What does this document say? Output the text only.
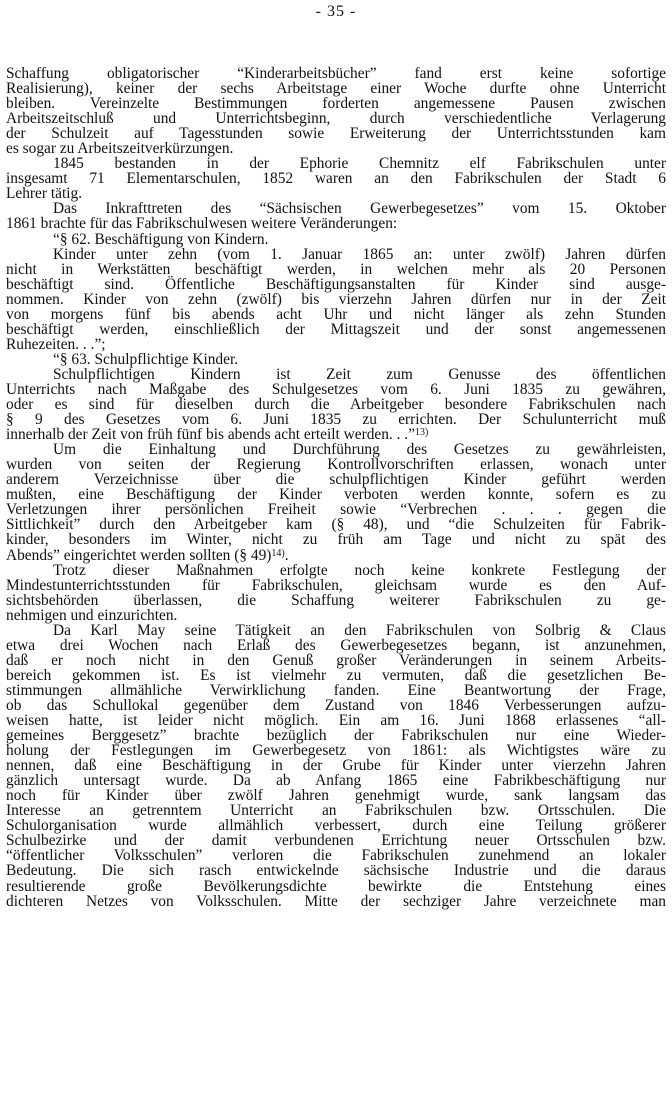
- 35 -

Schaffung obligatorischer “Kinderarbeitsbücher” fand erst keine sofortige

Realisierung), keiner der sechs Arbeitstage einer Woche durfte ohne Unterricht

bleiben. Vereinzelte Bestimmungen forderten angemessene Pausen zwischen

Arbeitszeitschluß und Unterrichtsbeginn, durch verschiedentliche Verlagerung

der Schulzeit auf Tagesstunden sowie Erweiterung der Unterrichtsstunden kam

es sogar zu Arbeitszeitverkürzungen.

1845 bestanden in der Ephorie Chemnitz elf Fabrikschulen unter

insgesamt 71 Elementarschulen, 1852 waren an den Fabrikschulen der Stadt 6

Lehrer tätig.

Das Inkrafttreten des “Sächsischen Gewerbegesetzes” vom 15. Oktober

1861 brachte für das Fabrikschulwesen weitere Veränderungen:

“§ 62. Beschäftigung von Kindern.

Kinder unter zehn (vom 1. Januar 1865 an: unter zwölf) Jahren dürfen

nicht in Werkstätten beschäftigt werden, in welchen mehr als 20 Personen

beschäftigt sind. Öffentliche Beschäftigungsanstalten für Kinder sind ausge-

nommen. Kinder von zehn (zwölf) bis vierzehn Jahren dürfen nur in der Zeit

von morgens fünf bis abends acht Uhr und nicht länger als zehn Stunden

beschäftigt werden, einschließlich der Mittagszeit und der sonst angemessenen

Ruhezeiten. . .”;

“§ 63. Schulpflichtige Kinder.

Schulpflichtigen Kindern ist Zeit zum Genusse des öffentlichen

Unterrichts nach Maßgabe des Schulgesetzes vom 6. Juni 1835 zu gewähren,

oder es sind für dieselben durch die Arbeitgeber besondere Fabrikschulen nach

§ 9 des Gesetzes vom 6. Juni 1835 zu errichten. Der Schulunterricht muß

innerhalb der Zeit von früh fünf bis abends acht erteilt werden. . .”$^{13)}$

Um die Einhaltung und Durchführung des Gesetzes zu gewährleisten,

wurden von seiten der Regierung Kontrollvorschriften erlassen, wonach unter

anderem Verzeichnisse über die schulpflichtigen Kinder geführt werden

mußten, eine Beschäftigung der Kinder verboten werden konnte, sofern es zu

Verletzungen ihrer persönlichen Freiheit sowie “Verbrechen . . . gegen die

Sittlichkeit” durch den Arbeitgeber kam (§ 48), und “die Schulzeiten für Fabrik-

kinder, besonders im Winter, nicht zu früh am Tage und nicht zu spät des

Abends” eingerichtet werden sollten (§ 49)$^{14)}$.

Trotz dieser Maßnahmen erfolgte noch keine konkrete Festlegung der

Mindestunterrichtsstunden für Fabrikschulen, gleichsam wurde es den Auf-

sichtsbehörden überlassen, die Schaffung weiterer Fabrikschulen zu ge-

nehmigen und einzurichten.

Da Karl May seine Tätigkeit an den Fabrikschulen von Solbrig & Claus

etwa drei Wochen nach Erlaß des Gewerbegesetzes begann, ist anzunehmen,

daß er noch nicht in den Genuß großer Veränderungen in seinem Arbeits-

bereich gekommen ist. Es ist vielmehr zu vermuten, daß die gesetzlichen Be-

stimmungen allmähliche Verwirklichung fanden. Eine Beantwortung der Frage,

ob das Schullokal gegenüber dem Zustand von 1846 Verbesserungen aufzu-

weisen hatte, ist leider nicht möglich. Ein am 16. Juni 1868 erlassenes “all-

gemeines Berggesetz” brachte bezüglich der Fabrikschulen nur eine Wieder-

holung der Festlegungen im Gewerbegesetz von 1861: als Wichtigstes wäre zu

nennen, daß eine Beschäftigung in der Grube für Kinder unter vierzehn Jahren

gänzlich untersagt wurde. Da ab Anfang 1865 eine Fabrikbeschäftigung nur

noch für Kinder über zwölf Jahren genehmigt wurde, sank langsam das

Interesse an getrenntem Unterricht an Fabrikschulen bzw. Ortsschulen. Die

Schulorganisation wurde allmählich verbessert, durch eine Teilung größerer

Schulbezirke und der damit verbundenen Errichtung neuer Ortsschulen bzw.

“öffentlicher Volksschulen” verloren die Fabrikschulen zunehmend an lokaler

Bedeutung. Die sich rasch entwickelnde sächsische Industrie und die daraus

resultierende große Bevölkerungsdichte bewirkte die Entstehung eines

dichteren Netzes von Volksschulen. Mitte der sechziger Jahre verzeichnete man
